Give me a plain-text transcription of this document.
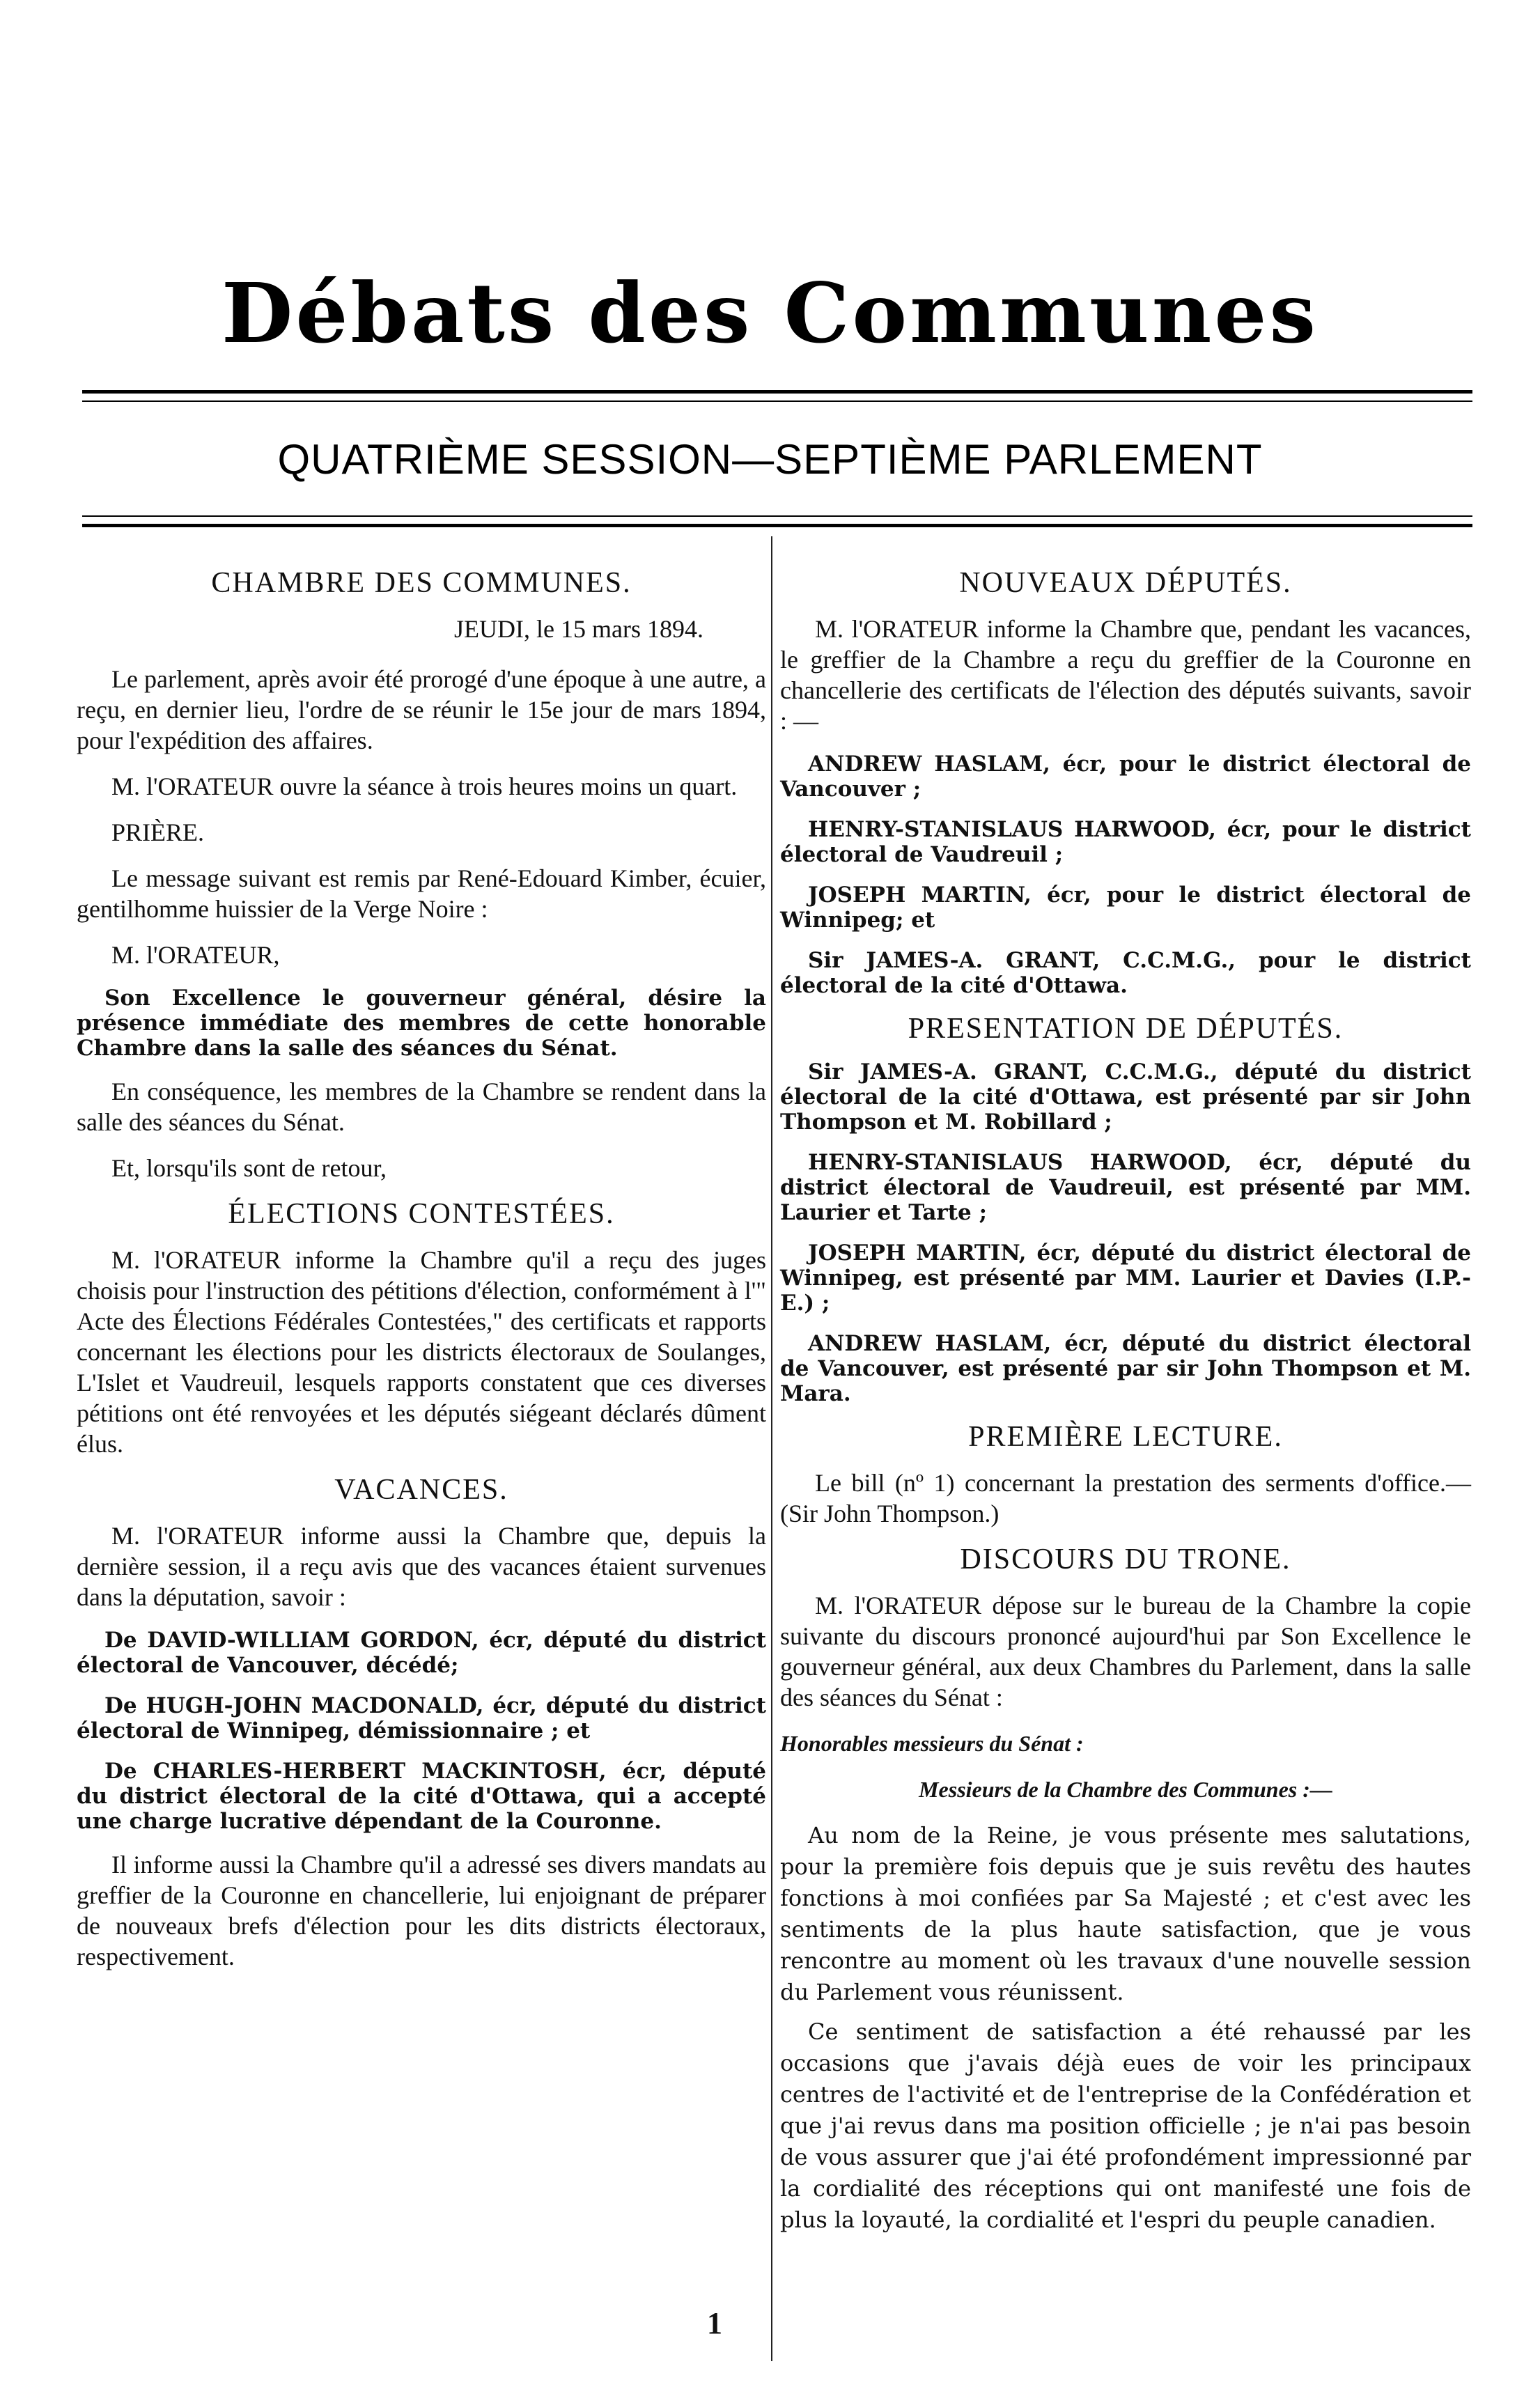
Débats des Communes
QUATRIÈME SESSION—SEPTIÈME PARLEMENT
CHAMBRE DES COMMUNES.
JEUDI, le 15 mars 1894.
Le parlement, après avoir été prorogé d'une époque à une autre, a reçu, en dernier lieu, l'ordre de se réunir le 15e jour de mars 1894, pour l'expédition des affaires.
M. l'ORATEUR ouvre la séance à trois heures moins un quart.
PRIÈRE.
Le message suivant est remis par René-Edouard Kimber, écuier, gentilhomme huissier de la Verge Noire :
M. l'ORATEUR,
Son Excellence le gouverneur général, désire la présence immédiate des membres de cette honorable Chambre dans la salle des séances du Sénat.
En conséquence, les membres de la Chambre se rendent dans la salle des séances du Sénat.
Et, lorsqu'ils sont de retour,
ÉLECTIONS CONTESTÉES.
M. l'ORATEUR informe la Chambre qu'il a reçu des juges choisis pour l'instruction des pétitions d'élection, conformément à l'" Acte des Élections Fédérales Contestées," des certificats et rapports concernant les élections pour les districts électoraux de Soulanges, L'Islet et Vaudreuil, lesquels rapports constatent que ces diverses pétitions ont été renvoyées et les députés siégeant déclarés dûment élus.
VACANCES.
M. l'ORATEUR informe aussi la Chambre que, depuis la dernière session, il a reçu avis que des vacances étaient survenues dans la députation, savoir :
De DAVID-WILLIAM GORDON, écr, député du district électoral de Vancouver, décédé;
De HUGH-JOHN MACDONALD, écr, député du district électoral de Winnipeg, démissionnaire ; et
De CHARLES-HERBERT MACKINTOSH, écr, député du district électoral de la cité d'Ottawa, qui a accepté une charge lucrative dépendant de la Couronne.
Il informe aussi la Chambre qu'il a adressé ses divers mandats au greffier de la Couronne en chancellerie, lui enjoignant de préparer de nouveaux brefs d'élection pour les dits districts électoraux, respectivement.
NOUVEAUX DÉPUTÉS.
M. l'ORATEUR informe la Chambre que, pendant les vacances, le greffier de la Chambre a reçu du greffier de la Couronne en chancellerie des certificats de l'élection des députés suivants, savoir : —
ANDREW HASLAM, écr, pour le district électoral de Vancouver ;
HENRY-STANISLAUS HARWOOD, écr, pour le district électoral de Vaudreuil ;
JOSEPH MARTIN, écr, pour le district électoral de Winnipeg; et
Sir JAMES-A. GRANT, C.C.M.G., pour le district électoral de la cité d'Ottawa.
PRESENTATION DE DÉPUTÉS.
Sir JAMES-A. GRANT, C.C.M.G., député du district électoral de la cité d'Ottawa, est présenté par sir John Thompson et M. Robillard ;
HENRY-STANISLAUS HARWOOD, écr, député du district électoral de Vaudreuil, est présenté par MM. Laurier et Tarte ;
JOSEPH MARTIN, écr, député du district électoral de Winnipeg, est présenté par MM. Laurier et Davies (I.P.-E.) ;
ANDREW HASLAM, écr, député du district électoral de Vancouver, est présenté par sir John Thompson et M. Mara.
PREMIÈRE LECTURE.
Le bill (nº 1) concernant la prestation des serments d'office.—(Sir John Thompson.)
DISCOURS DU TRONE.
M. l'ORATEUR dépose sur le bureau de la Chambre la copie suivante du discours prononcé aujourd'hui par Son Excellence le gouverneur général, aux deux Chambres du Parlement, dans la salle des séances du Sénat :
Honorables messieurs du Sénat :
Messieurs de la Chambre des Communes :—
Au nom de la Reine, je vous présente mes salutations, pour la première fois depuis que je suis revêtu des hautes fonctions à moi confiées par Sa Majesté ; et c'est avec les sentiments de la plus haute satisfaction, que je vous rencontre au moment où les travaux d'une nouvelle session du Parlement vous réunissent.
Ce sentiment de satisfaction a été rehaussé par les occasions que j'avais déjà eues de voir les principaux centres de l'activité et de l'entreprise de la Confédération et que j'ai revus dans ma position officielle ; je n'ai pas besoin de vous assurer que j'ai été profondément impressionné par la cordialité des réceptions qui ont manifesté une fois de plus la loyauté, la cordialité et l'espri du peuple canadien.
1
